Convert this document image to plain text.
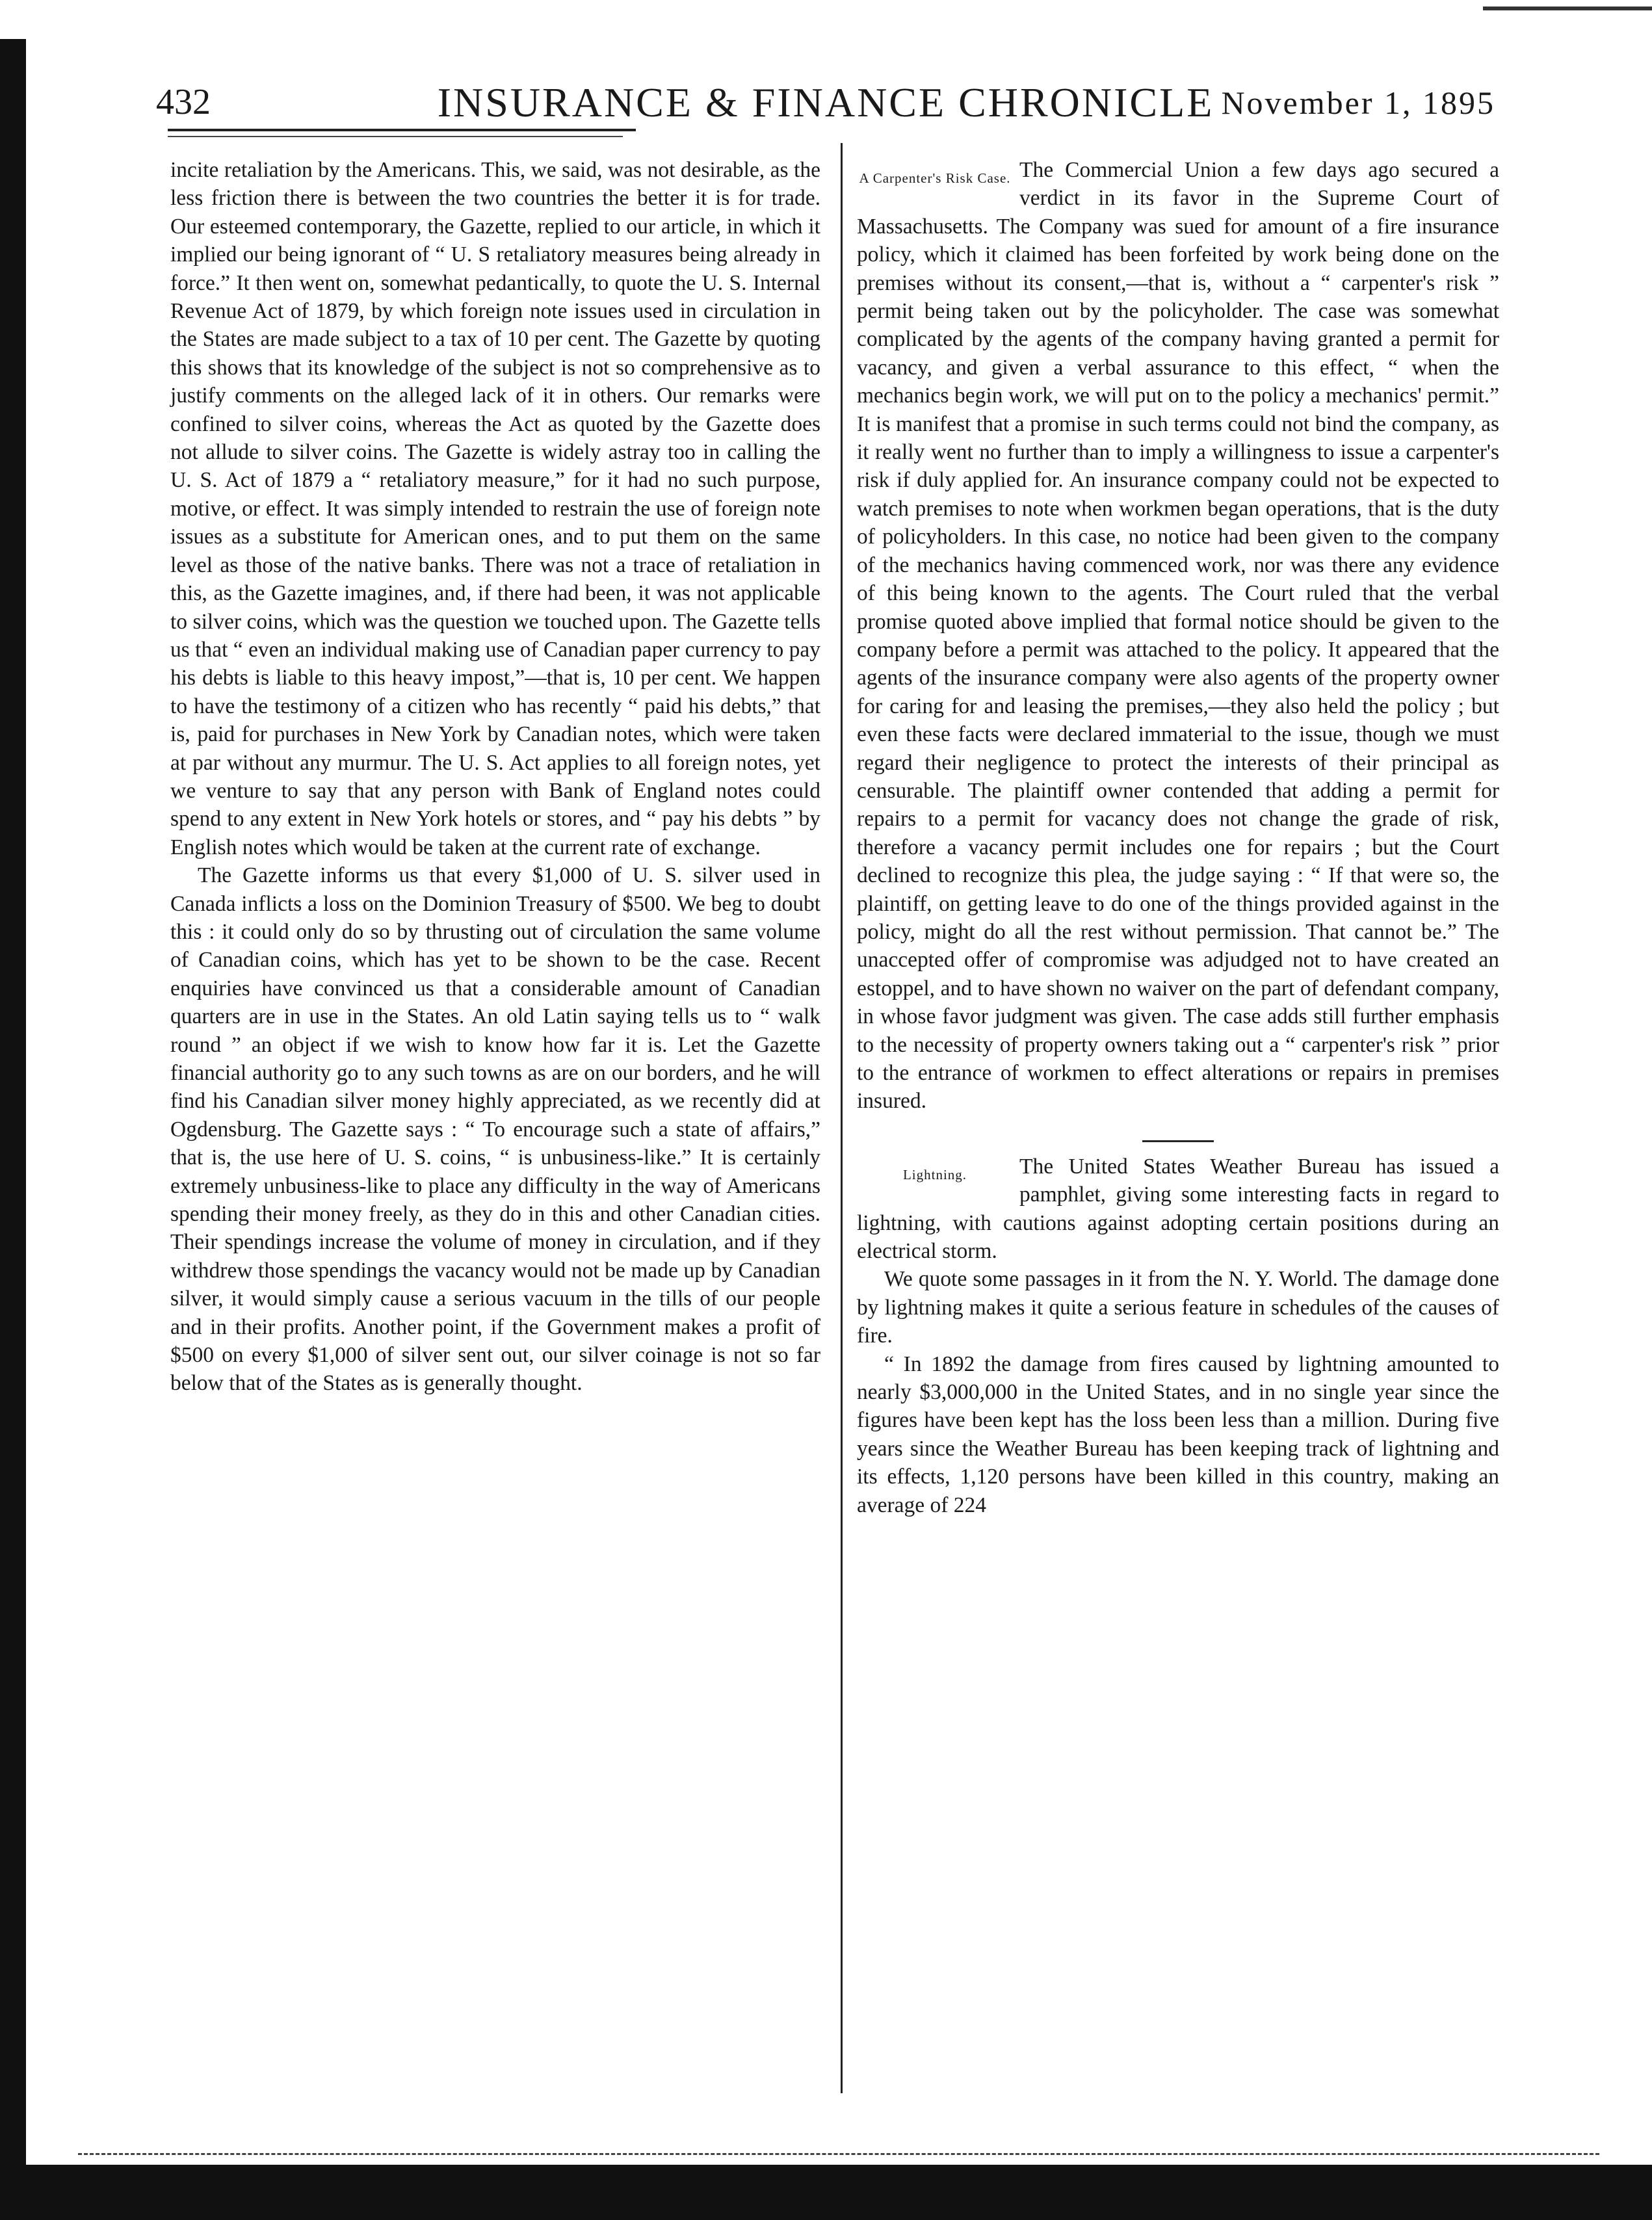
432	INSURANCE & FINANCE CHRONICLE November 1, 1895

incite retaliation by the Americans. This, we said, was not desirable, as the less friction there is between the two countries the better it is for trade. Our esteemed contemporary, the Gazette, replied to our article, in which it implied our being ignorant of “ U. S retaliatory measures being already in force.” It then went on, somewhat pedantically, to quote the U. S. Internal Revenue Act of 1879, by which foreign note issues used in circulation in the States are made subject to a tax of 10 per cent. The Gazette by quoting this shows that its knowledge of the subject is not so comprehensive as to justify comments on the alleged lack of it in others. Our remarks were confined to silver coins, whereas the Act as quoted by the Gazette does not allude to silver coins. The Gazette is widely astray too in calling the U. S. Act of 1879 a “ retaliatory measure,” for it had no such purpose, motive, or effect. It was simply intended to restrain the use of foreign note issues as a substitute for American ones, and to put them on the same level as those of the native banks. There was not a trace of retaliation in this, as the Gazette imagines, and, if there had been, it was not applicable to silver coins, which was the question we touched upon. The Gazette tells us that “ even an individual making use of Canadian paper currency to pay his debts is liable to this heavy impost,”—that is, 10 per cent. We happen to have the testimony of a citizen who has recently “ paid his debts,” that is, paid for purchases in New York by Canadian notes, which were taken at par without any murmur. The U. S. Act applies to all foreign notes, yet we venture to say that any person with Bank of England notes could spend to any extent in New York hotels or stores, and “ pay his debts ” by English notes which would be taken at the current rate of exchange.

The Gazette informs us that every $1,000 of U. S. silver used in Canada inflicts a loss on the Dominion Treasury of $500. We beg to doubt this : it could only do so by thrusting out of circulation the same volume of Canadian coins, which has yet to be shown to be the case. Recent enquiries have convinced us that a considerable amount of Canadian quarters are in use in the States. An old Latin saying tells us to “ walk round ” an object if we wish to know how far it is. Let the Gazette financial authority go to any such towns as are on our borders, and he will find his Canadian silver money highly appreciated, as we recently did at Ogdensburg. The Gazette says : “ To encourage such a state of affairs,” that is, the use here of U. S. coins, “ is unbusiness-like.” It is certainly extremely unbusiness-like to place any difficulty in the way of Americans spending their money freely, as they do in this and other Canadian cities. Their spendings increase the volume of money in circulation, and if they withdrew those spendings the vacancy would not be made up by Canadian silver, it would simply cause a serious vacuum in the tills of our people and in their profits. Another point, if the Government makes a profit of $500 on every $1,000 of silver sent out, our silver coinage is not so far below that of the States as is generally thought.

A Carpenter's Risk Case. The Commercial Union a few days ago secured a verdict in its favor in the Supreme Court of Massachusetts. The Company was sued for amount of a fire insurance policy, which it claimed has been forfeited by work being done on the premises without its consent,—that is, without a “ carpenter's risk ” permit being taken out by the policyholder. The case was somewhat complicated by the agents of the company having granted a permit for vacancy, and given a verbal assurance to this effect, “ when the mechanics begin work, we will put on to the policy a mechanics' permit.” It is manifest that a promise in such terms could not bind the company, as it really went no further than to imply a willingness to issue a carpenter's risk if duly applied for. An insurance company could not be expected to watch premises to note when workmen began operations, that is the duty of policyholders. In this case, no notice had been given to the company of the mechanics having commenced work, nor was there any evidence of this being known to the agents. The Court ruled that the verbal promise quoted above implied that formal notice should be given to the company before a permit was attached to the policy. It appeared that the agents of the insurance company were also agents of the property owner for caring for and leasing the premises,—they also held the policy ; but even these facts were declared immaterial to the issue, though we must regard their negligence to protect the interests of their principal as censurable. The plaintiff owner contended that adding a permit for repairs to a permit for vacancy does not change the grade of risk, therefore a vacancy permit includes one for repairs ; but the Court declined to recognize this plea, the judge saying : “ If that were so, the plaintiff, on getting leave to do one of the things provided against in the policy, might do all the rest without permission. That cannot be.” The unaccepted offer of compromise was adjudged not to have created an estoppel, and to have shown no waiver on the part of defendant company, in whose favor judgment was given. The case adds still further emphasis to the necessity of property owners taking out a “ carpenter's risk ” prior to the entrance of workmen to effect alterations or repairs in premises insured.

Lightning.	The United States Weather Bureau has issued a pamphlet, giving some interesting facts in regard to lightning, with cautions against adopting certain positions during an electrical storm.

We quote some passages in it from the N. Y. World. The damage done by lightning makes it quite a serious feature in schedules of the causes of fire.

“ In 1892 the damage from fires caused by lightning amounted to nearly $3,000,000 in the United States, and in no single year since the figures have been kept has the loss been less than a million. During five years since the Weather Bureau has been keeping track of lightning and its effects, 1,120 persons have been killed in this country, making an average of 224
